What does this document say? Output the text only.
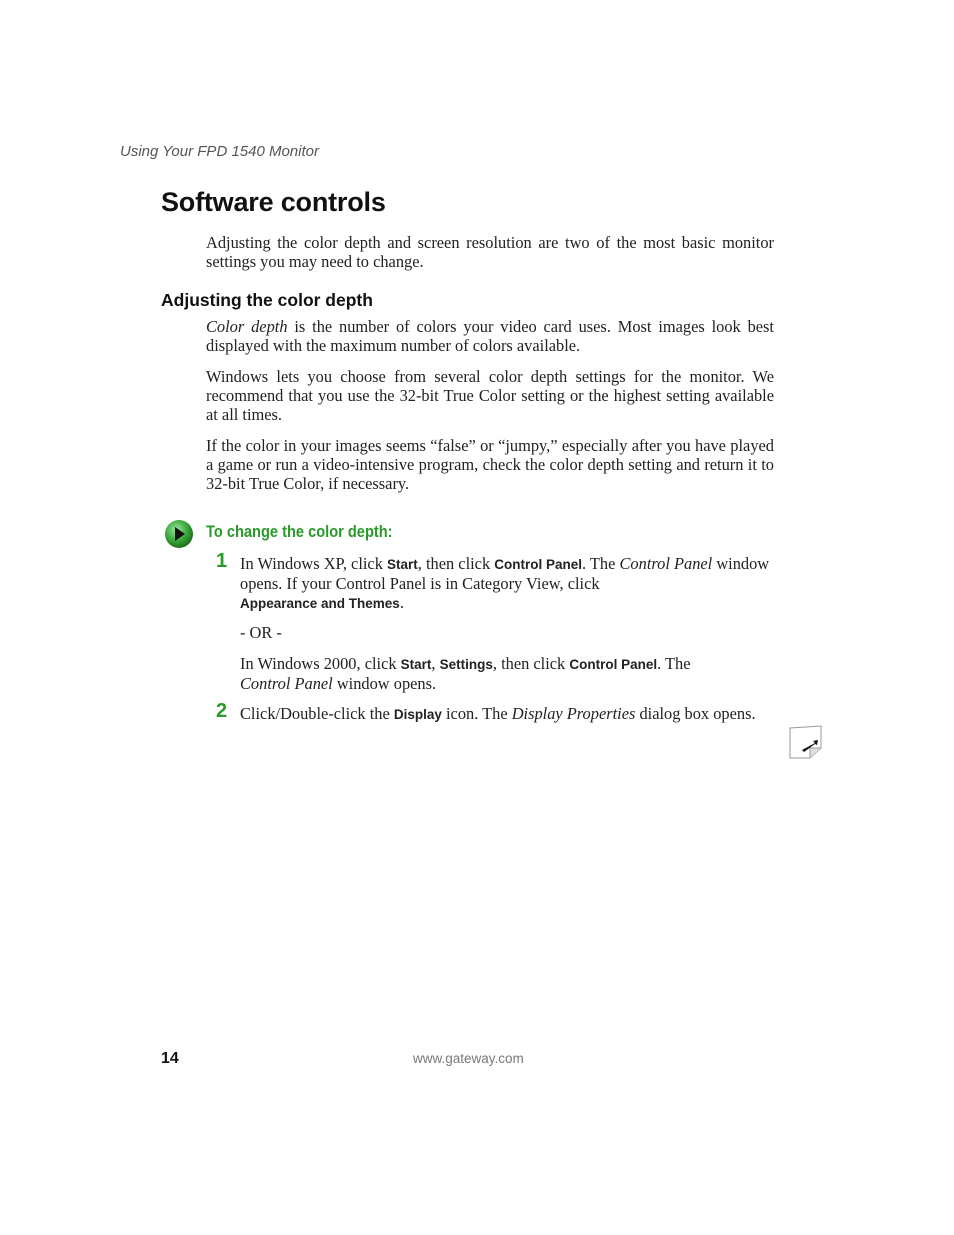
Using Your FPD 1540 Monitor
Software controls

Adjusting the color depth and screen resolution are two of the most basic monitor settings you may need to change.

Adjusting the color depth

Color depth is the number of colors your video card uses. Most images look best displayed with the maximum number of colors available.

Windows lets you choose from several color depth settings for the monitor. We recommend that you use the 32-bit True Color setting or the highest setting available at all times.

If the color in your images seems “false” or “jumpy,” especially after you have played a game or run a video-intensive program, check the color depth setting and return it to 32-bit True Color, if necessary.

To change the color depth:
1 In Windows XP, click Start, then click Control Panel. The Control Panel window opens. If your Control Panel is in Category View, click
Appearance and Themes.

- OR -

In Windows 2000, click Start, Settings, then click Control Panel. The
Control Panel window opens.

2 Click/Double-click the Display icon. The Display Properties dialog box opens.

14	www.gateway.com
